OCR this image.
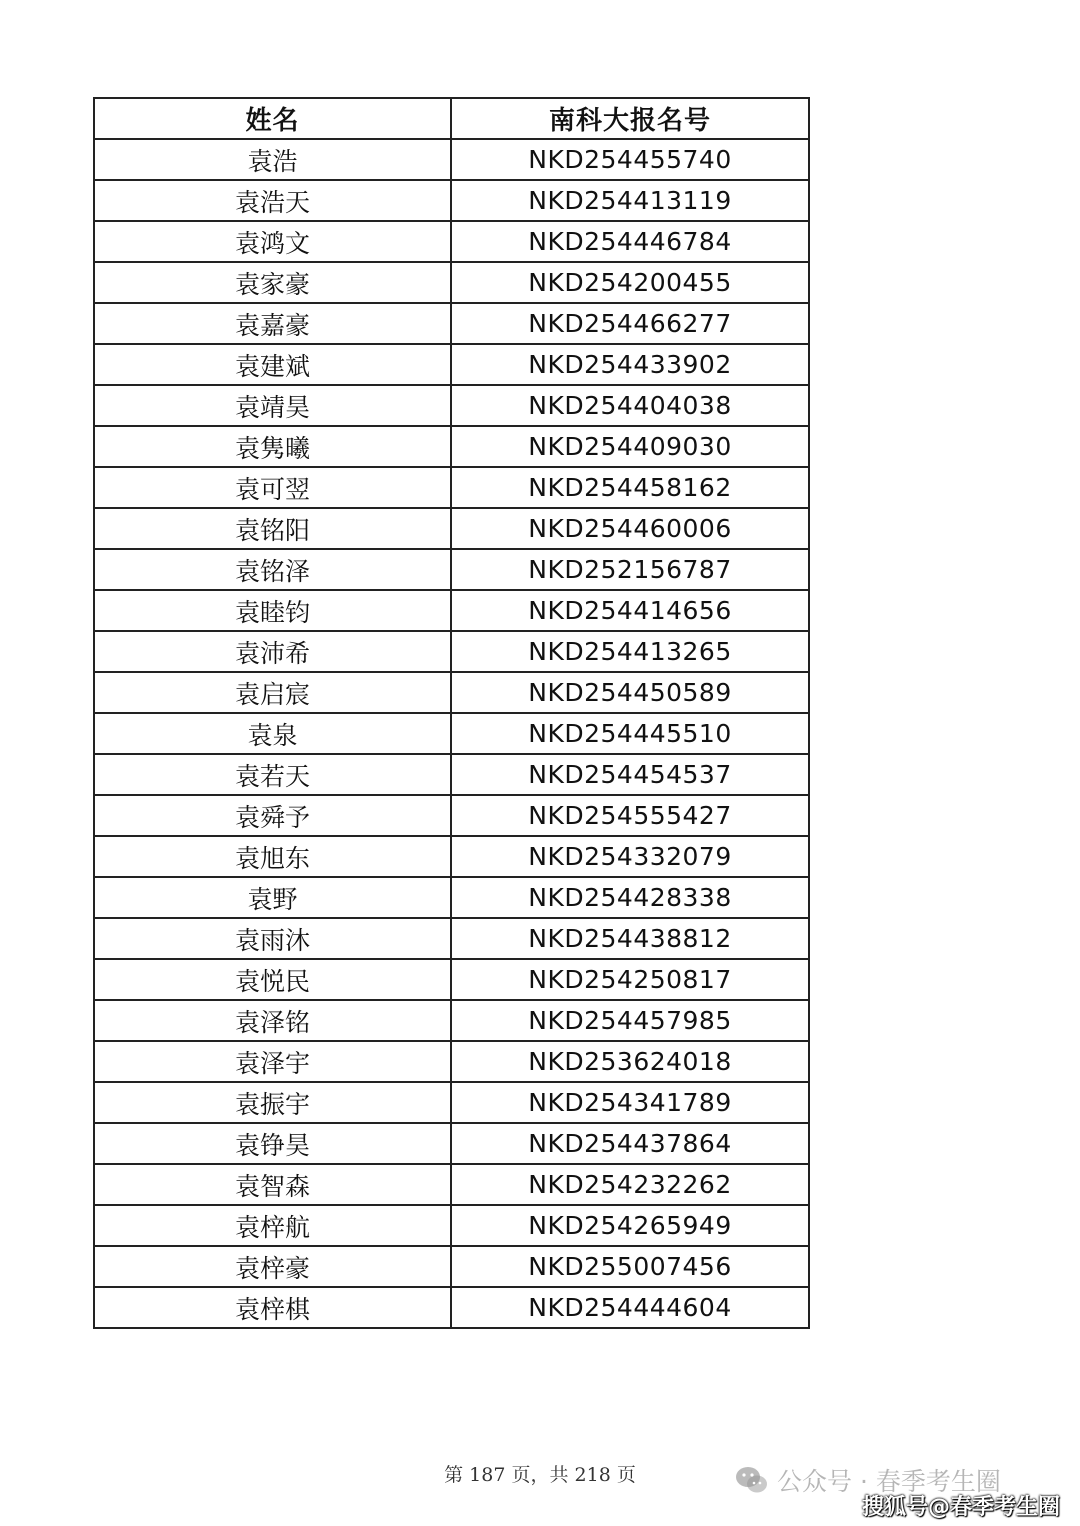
姓名	南科大报名号
袁浩	NKD254455740
袁浩天	NKD254413119
袁鸿文	NKD254446784
袁家豪	NKD254200455
袁嘉豪	NKD254466277
袁建斌	NKD254433902
袁靖昊	NKD254404038
袁隽曦	NKD254409030
袁可翌	NKD254458162
袁铭阳	NKD254460006
袁铭泽	NKD252156787
袁睦钧	NKD254414656
袁沛希	NKD254413265
袁启宸	NKD254450589
袁泉	NKD254445510
袁若天	NKD254454537
袁舜予	NKD254555427
袁旭东	NKD254332079
袁野	NKD254428338
袁雨沐	NKD254438812
袁悦民	NKD254250817
袁泽铭	NKD254457985
袁泽宇	NKD253624018
袁振宇	NKD254341789
袁铮昊	NKD254437864
袁智森	NKD254232262
袁梓航	NKD254265949
袁梓豪	NKD255007456
袁梓棋	NKD254444604
第 187 页，共 218 页	公众号 · 春季考生圈
搜狐号@春季考生圈
